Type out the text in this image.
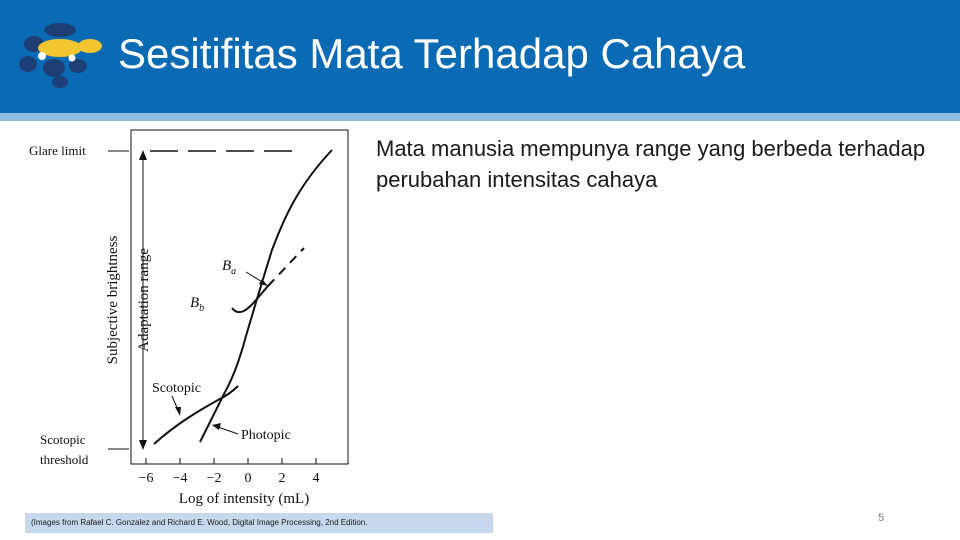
Sesitifitas Mata Terhadap Cahaya
Glare limit
Scotopic
threshold
Subjective brightness Adaptation range	$B_a$
$B_b$
Scotopic
Photopic
−6 −4 −2 0 2 4
Log of intensity (mL)
Mata manusia mempunya range yang berbeda terhadap perubahan intensitas cahaya
(Images from Rafael C. Gonzalez and Richard E. Wood, Digital Image Processing, 2nd Edition.	5
